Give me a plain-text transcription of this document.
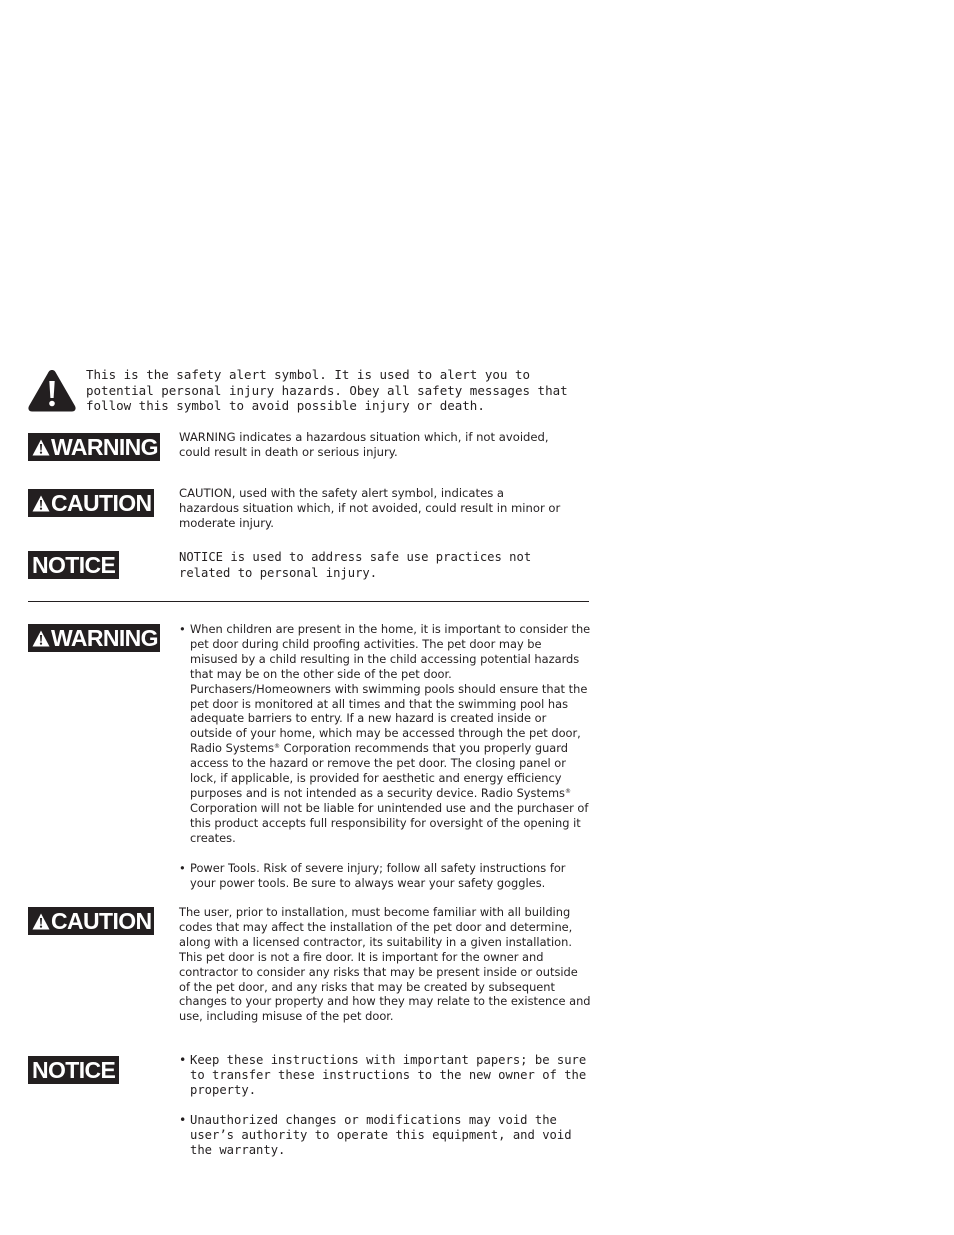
This is the safety alert symbol. It is used to alert you to potential personal injury hazards. Obey all safety messages that follow this symbol to avoid possible injury or death.
WARNING WARNING indicates a hazardous situation which, if not avoided, could result in death or serious injury.
CAUTION CAUTION, used with the safety alert symbol, indicates a hazardous situation which, if not avoided, could result in minor or moderate injury.
NOTICE	NOTICE is used to address safe use practices not related to personal injury.
WARNING • When children are present in the home, it is important to consider the pet door during child proofing activities. The pet door may be misused by a child resulting in the child accessing potential hazards that may be on the other side of the pet door. Purchasers/Homeowners with swimming pools should ensure that the pet door is monitored at all times and that the swimming pool has adequate barriers to entry. If a new hazard is created inside or outside of your home, which may be accessed through the pet door, Radio Systems® Corporation recommends that you properly guard access to the hazard or remove the pet door. The closing panel or lock, if applicable, is provided for aesthetic and energy efficiency purposes and is not intended as a security device. Radio Systems® Corporation will not be liable for unintended use and the purchaser of this product accepts full responsibility for oversight of the opening it creates.
• Power Tools. Risk of severe injury; follow all safety instructions for your power tools. Be sure to always wear your safety goggles.
CAUTION The user, prior to installation, must become familiar with all building codes that may affect the installation of the pet door and determine, along with a licensed contractor, its suitability in a given installation. This pet door is not a fire door. It is important for the owner and contractor to consider any risks that may be present inside or outside of the pet door, and any risks that may be created by subsequent changes to your property and how they may relate to the existence and use, including misuse of the pet door.
NOTICE	• Keep these instructions with important papers; be sure to transfer these instructions to the new owner of the property.
• Unauthorized changes or modifications may void the user’s authority to operate this equipment, and void the warranty.
